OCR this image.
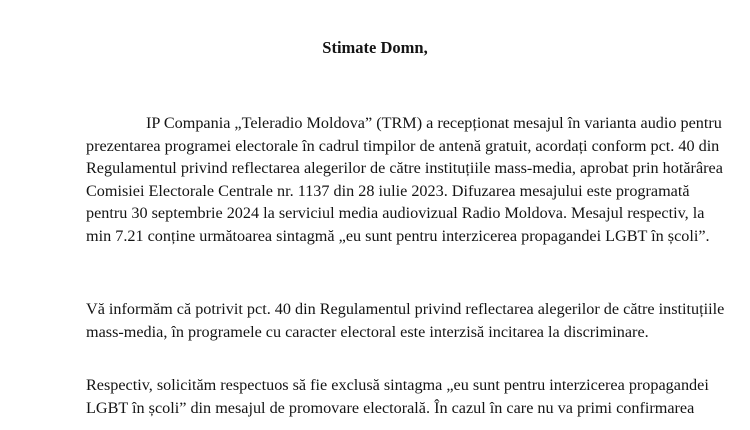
Stimate Domn,
IP Compania „Teleradio Moldova” (TRM) a recepționat mesajul în varianta audio pentru
prezentarea programei electorale în cadrul timpilor de antenă gratuit, acordați conform pct. 40 din
Regulamentul privind reflectarea alegerilor de către instituțiile mass-media, aprobat prin hotărârea
Comisiei Electorale Centrale nr. 1137 din 28 iulie 2023. Difuzarea mesajului este programată
pentru 30 septembrie 2024 la serviciul media audiovizual Radio Moldova. Mesajul respectiv, la
min 7.21 conține următoarea sintagmă „eu sunt pentru interzicerea propagandei LGBT în școli”.
Vă informăm că potrivit pct. 40 din Regulamentul privind reflectarea alegerilor de către instituțiile
mass-media, în programele cu caracter electoral este interzisă incitarea la discriminare.
Respectiv, solicităm respectuos să fie exclusă sintagma „eu sunt pentru interzicerea propagandei
LGBT în școli” din mesajul de promovare electorală. În cazul în care nu va primi confirmarea
